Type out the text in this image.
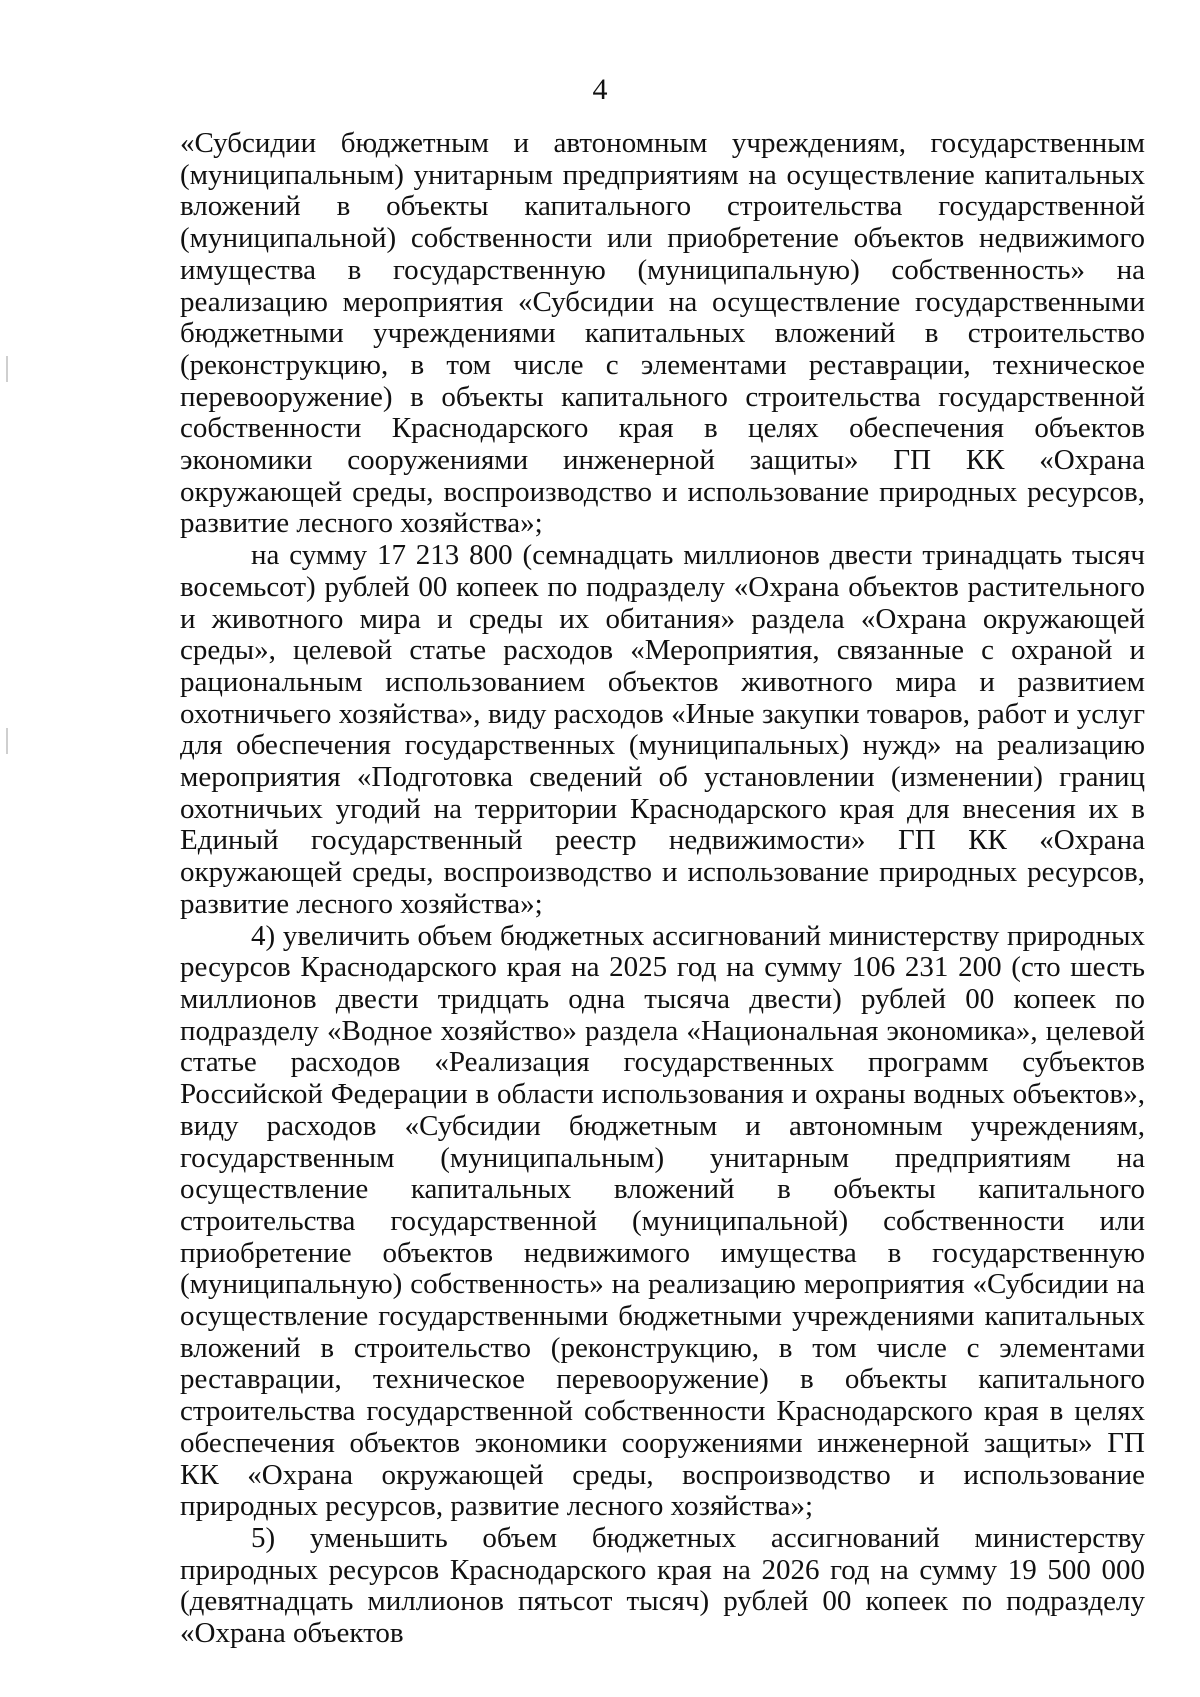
4

«Субсидии бюджетным и автономным учреждениям, государственным (муниципальным) унитарным предприятиям на осуществление капитальных вложений в объекты капитального строительства государственной (муниципальной) собственности или приобретение объектов недвижимого имущества в государственную (муниципальную) собственность» на реализацию мероприятия «Субсидии на осуществление государственными бюджетными учреждениями капитальных вложений в строительство (реконструкцию, в том числе с элементами реставрации, техническое перевооружение) в объекты капитального строительства государственной собственности Краснодарского края в целях обеспечения объектов экономики сооружениями инженерной защиты» ГП КК «Охрана окружающей среды, воспроизводство и использование природных ресурсов, развитие лесного хозяйства»;

на сумму 17 213 800 (семнадцать миллионов двести тринадцать тысяч восемьсот) рублей 00 копеек по подразделу «Охрана объектов растительного и животного мира и среды их обитания» раздела «Охрана окружающей среды», целевой статье расходов «Мероприятия, связанные с охраной и рациональным использованием объектов животного мира и развитием охотничьего хозяйства», виду расходов «Иные закупки товаров, работ и услуг для обеспечения государственных (муниципальных) нужд» на реализацию мероприятия «Подготовка сведений об установлении (изменении) границ охотничьих угодий на территории Краснодарского края для внесения их в Единый государственный реестр недвижимости» ГП КК «Охрана окружающей среды, воспроизводство и использование природных ресурсов, развитие лесного хозяйства»;

4) увеличить объем бюджетных ассигнований министерству природных ресурсов Краснодарского края на 2025 год на сумму 106 231 200 (сто шесть миллионов двести тридцать одна тысяча двести) рублей 00 копеек по подразделу «Водное хозяйство» раздела «Национальная экономика», целевой статье расходов «Реализация государственных программ субъектов Российской Федерации в области использования и охраны водных объектов», виду расходов «Субсидии бюджетным и автономным учреждениям, государственным (муниципальным) унитарным предприятиям на осуществление капитальных вложений в объекты капитального строительства государственной (муниципальной) собственности или приобретение объектов недвижимого имущества в государственную (муниципальную) собственность» на реализацию мероприятия «Субсидии на осуществление государственными бюджетными учреждениями капитальных вложений в строительство (реконструкцию, в том числе с элементами реставрации, техническое перевооружение) в объекты капитального строительства государственной собственности Краснодарского края в целях обеспечения объектов экономики сооружениями инженерной защиты» ГП КК «Охрана окружающей среды, воспроизводство и использование природных ресурсов, развитие лесного хозяйства»;

5) уменьшить объем бюджетных ассигнований министерству природных ресурсов Краснодарского края на 2026 год на сумму 19 500 000 (девятнадцать миллионов пятьсот тысяч) рублей 00 копеек по подразделу «Охрана объектов
